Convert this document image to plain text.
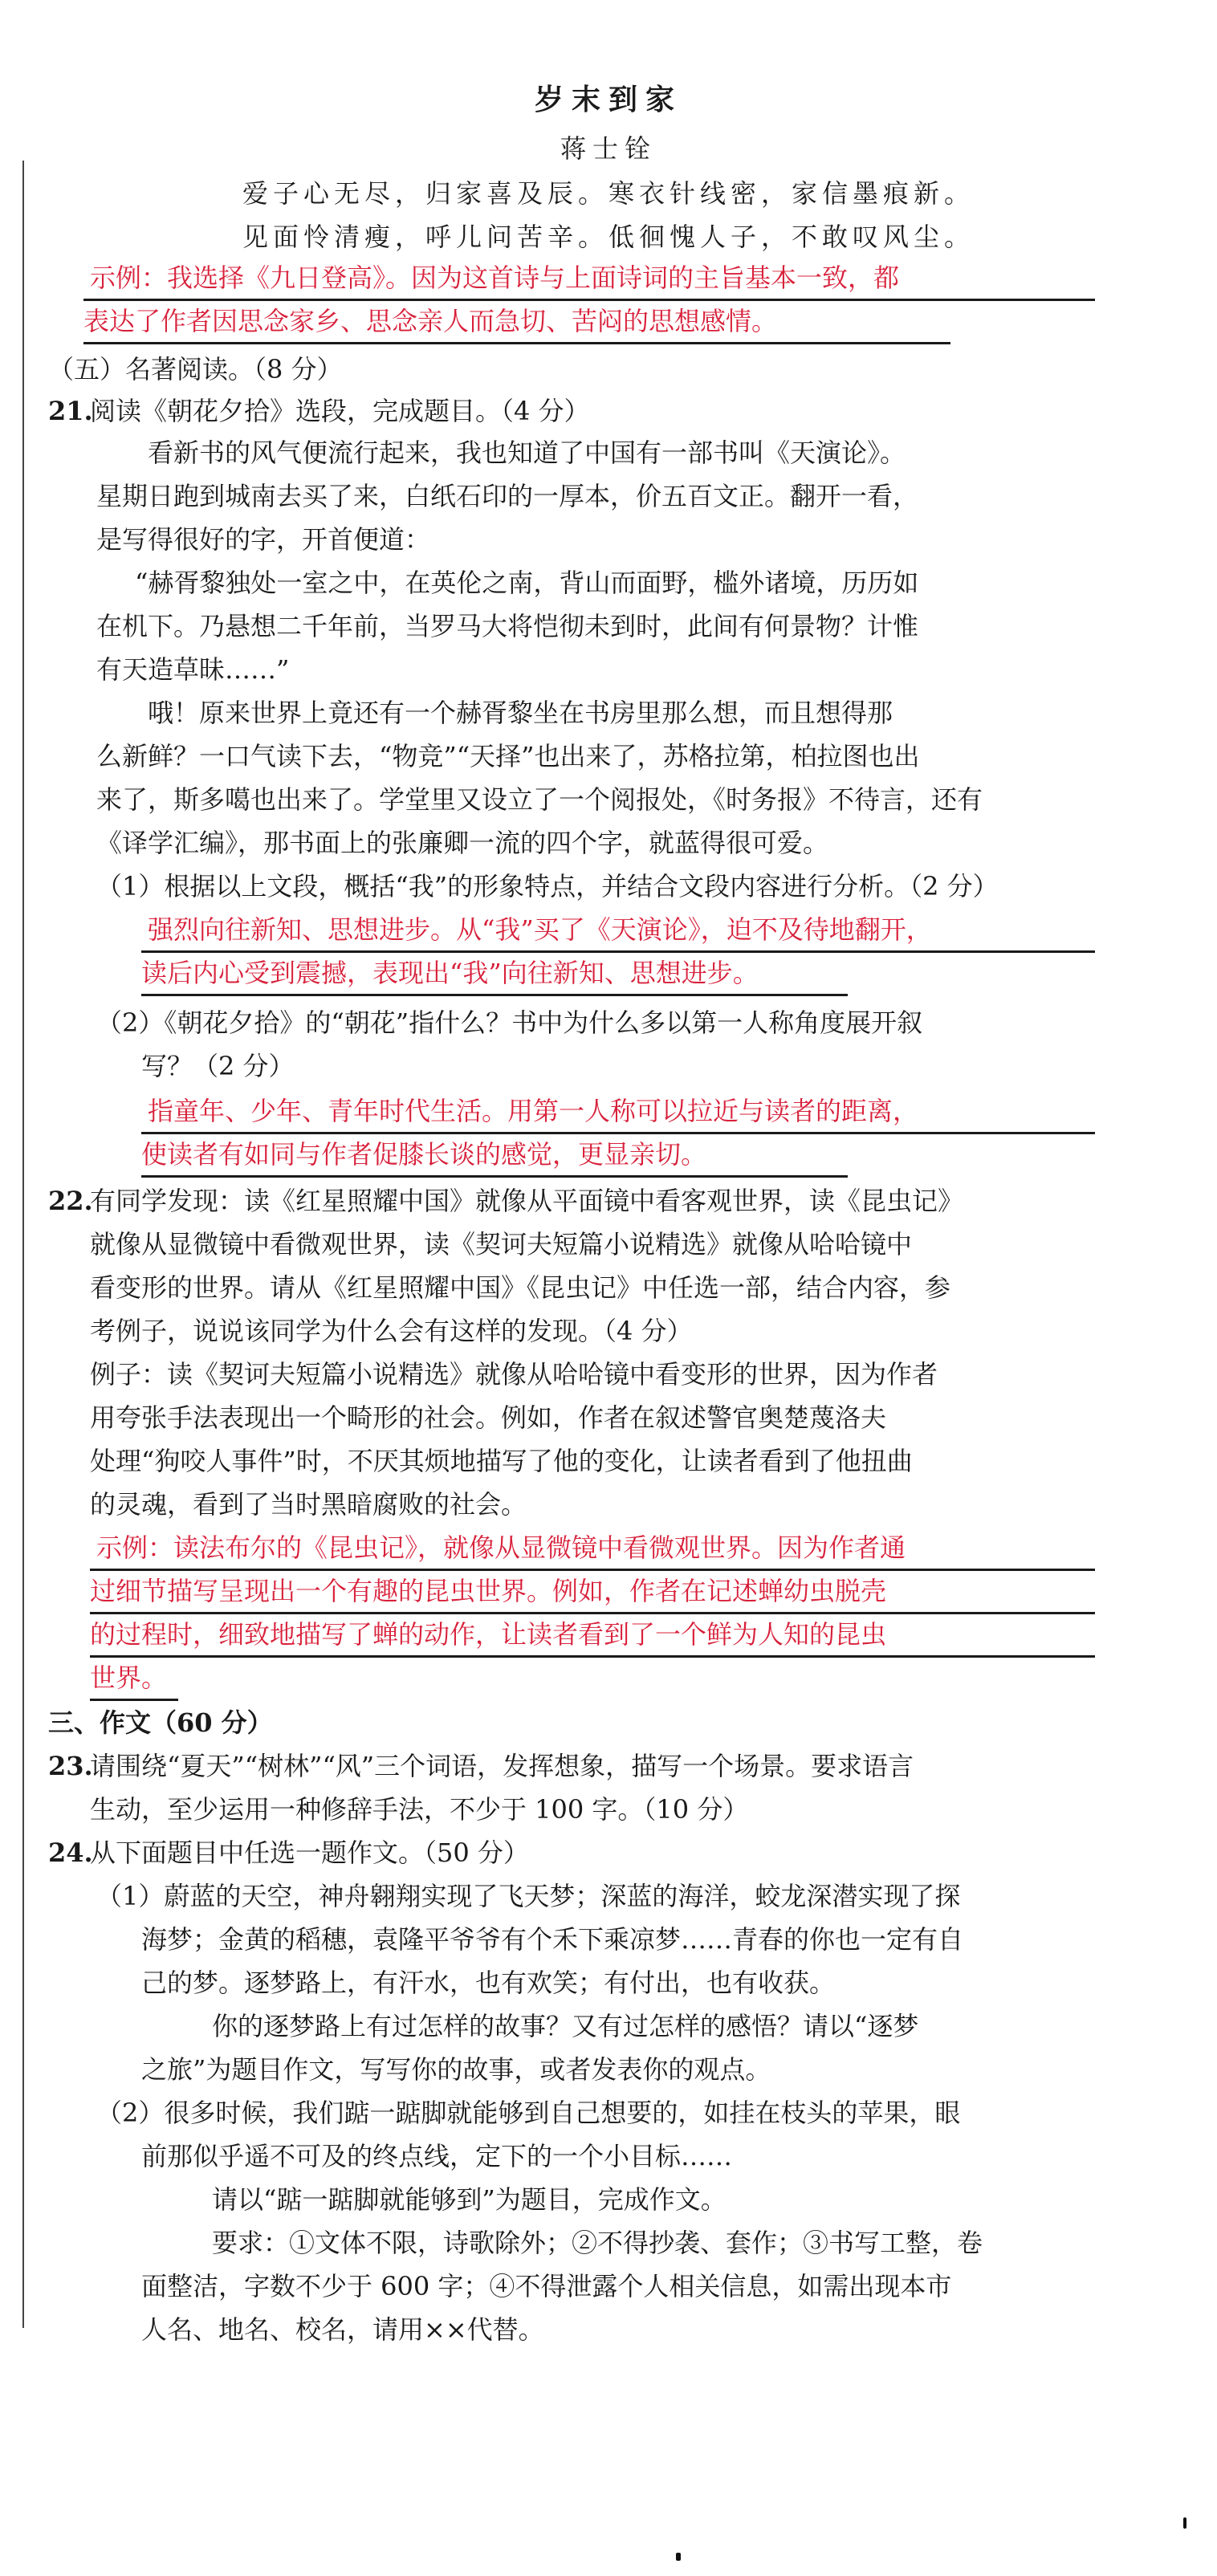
岁末到家
蒋士铨
爱子心无尽，归家喜及辰。寒衣针线密，家信墨痕新。
见面怜清瘦，呼儿问苦辛。低徊愧人子，不敢叹风尘。
示例：我选择《九日登高》。因为这首诗与上面诗词的主旨基本一致，都
表达了作者因思念家乡、思念亲人而急切、苦闷的思想感情。
（五）名著阅读。（8 分）
21.
阅读《朝花夕拾》选段，完成题目。（4 分）
看新书的风气便流行起来，我也知道了中国有一部书叫《天演论》。
星期日跑到城南去买了来，白纸石印的一厚本，价五百文正。翻开一看，
是写得很好的字，开首便道：
“赫胥黎独处一室之中，在英伦之南，背山而面野，槛外诸境，历历如
在机下。乃悬想二千年前，当罗马大将恺彻未到时，此间有何景物？计惟
有天造草昧……”
哦！原来世界上竟还有一个赫胥黎坐在书房里那么想，而且想得那
么新鲜？一口气读下去，“物竞”“天择”也出来了，苏格拉第，柏拉图也出
来了，斯多噶也出来了。学堂里又设立了一个阅报处，《时务报》不待言，还有
《译学汇编》，那书面上的张廉卿一流的四个字，就蓝得很可爱。
（1）根据以上文段，概括“我”的形象特点，并结合文段内容进行分析。（2 分）
强烈向往新知、思想进步。从“我”买了《天演论》，迫不及待地翻开，
读后内心受到震撼，表现出“我”向往新知、思想进步。
（2）《朝花夕拾》的“朝花”指什么？书中为什么多以第一人称角度展开叙
写？（2 分）
指童年、少年、青年时代生活。用第一人称可以拉近与读者的距离，
使读者有如同与作者促膝长谈的感觉，更显亲切。
22.
有同学发现：读《红星照耀中国》就像从平面镜中看客观世界，读《昆虫记》
就像从显微镜中看微观世界，读《契诃夫短篇小说精选》就像从哈哈镜中
看变形的世界。请从《红星照耀中国》《昆虫记》中任选一部，结合内容，参
考例子，说说该同学为什么会有这样的发现。（4 分）
例子：读《契诃夫短篇小说精选》就像从哈哈镜中看变形的世界，因为作者
用夸张手法表现出一个畸形的社会。例如，作者在叙述警官奥楚蔑洛夫
处理“狗咬人事件”时，不厌其烦地描写了他的变化，让读者看到了他扭曲
的灵魂，看到了当时黑暗腐败的社会。
示例：读法布尔的《昆虫记》，就像从显微镜中看微观世界。因为作者通
过细节描写呈现出一个有趣的昆虫世界。例如，作者在记述蝉幼虫脱壳
的过程时，细致地描写了蝉的动作，让读者看到了一个鲜为人知的昆虫
世界。
三、作文（60 分）
23.
请围绕“夏天”“树林”“风”三个词语，发挥想象，描写一个场景。要求语言
生动，至少运用一种修辞手法，不少于 100 字。（10 分）
24.
从下面题目中任选一题作文。（50 分）
（1）蔚蓝的天空，神舟翱翔实现了飞天梦；深蓝的海洋，蛟龙深潜实现了探
海梦；金黄的稻穗，袁隆平爷爷有个禾下乘凉梦……青春的你也一定有自
己的梦。逐梦路上，有汗水，也有欢笑；有付出，也有收获。
你的逐梦路上有过怎样的故事？又有过怎样的感悟？请以“逐梦
之旅”为题目作文，写写你的故事，或者发表你的观点。
（2）很多时候，我们踮一踮脚就能够到自己想要的，如挂在枝头的苹果，眼
前那似乎遥不可及的终点线，定下的一个小目标……
请以“踮一踮脚就能够到”为题目，完成作文。
要求：①文体不限，诗歌除外；②不得抄袭、套作；③书写工整，卷
面整洁，字数不少于 600 字；④不得泄露个人相关信息，如需出现本市
人名、地名、校名，请用××代替。
